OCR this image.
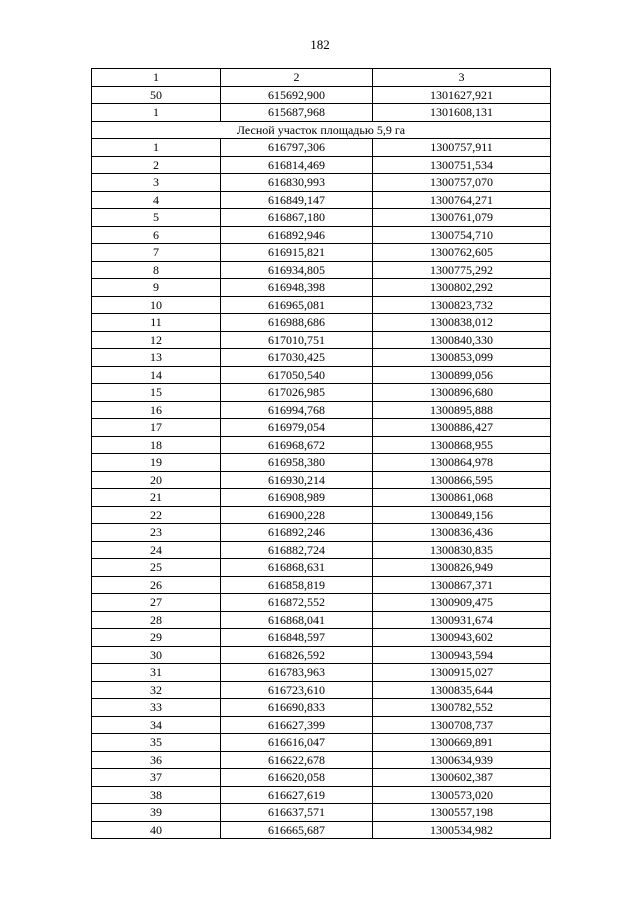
182
1	2	3
50	615692,900	1301627,921
1	615687,968	1301608,131
Лесной участок площадью 5,9 га		
1	616797,306	1300757,911
2	616814,469	1300751,534
3	616830,993	1300757,070
4	616849,147	1300764,271
5	616867,180	1300761,079
6	616892,946	1300754,710
7	616915,821	1300762,605
8	616934,805	1300775,292
9	616948,398	1300802,292
10	616965,081	1300823,732
11	616988,686	1300838,012
12	617010,751	1300840,330
13	617030,425	1300853,099
14	617050,540	1300899,056
15	617026,985	1300896,680
16	616994,768	1300895,888
17	616979,054	1300886,427
18	616968,672	1300868,955
19	616958,380	1300864,978
20	616930,214	1300866,595
21	616908,989	1300861,068
22	616900,228	1300849,156
23	616892,246	1300836,436
24	616882,724	1300830,835
25	616868,631	1300826,949
26	616858,819	1300867,371
27	616872,552	1300909,475
28	616868,041	1300931,674
29	616848,597	1300943,602
30	616826,592	1300943,594
31	616783,963	1300915,027
32	616723,610	1300835,644
33	616690,833	1300782,552
34	616627,399	1300708,737
35	616616,047	1300669,891
36	616622,678	1300634,939
37	616620,058	1300602,387
38	616627,619	1300573,020
39	616637,571	1300557,198
40	616665,687	1300534,982
